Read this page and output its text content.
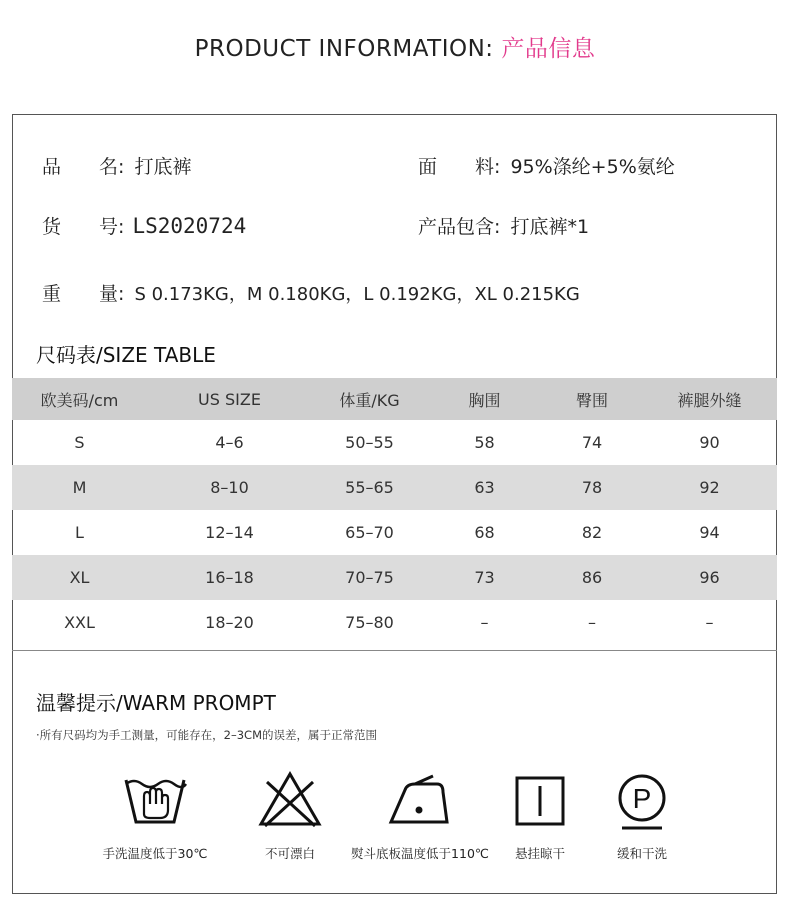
PRODUCT INFORMATION: 产品信息
品　　名: 打底裤	面　　料: 95%涤纶+5%氨纶
货　　号: LS2020724	产品包含: 打底裤*1
重　　量: S 0.173KG，M 0.180KG，L 0.192KG，XL 0.215KG
尺码表/SIZE TABLE
欧美码/cm	US SIZE	体重/KG	胸围	臀围	裤腿外缝
S	4–6	50–55	58	74	90
M	8–10	55–65	63	78	92
L	12–14	65–70	68	82	94
XL	16–18	70–75	73	86	96
XXL	18–20	75–80	–	–	–
温馨提示/WARM PROMPT
·所有尺码均为手工测量，可能存在，2–3CM的误差，属于正常范围
手洗温度低于30℃	不可漂白	熨斗底板温度低于110℃ 悬挂晾干
P
缓和干洗
